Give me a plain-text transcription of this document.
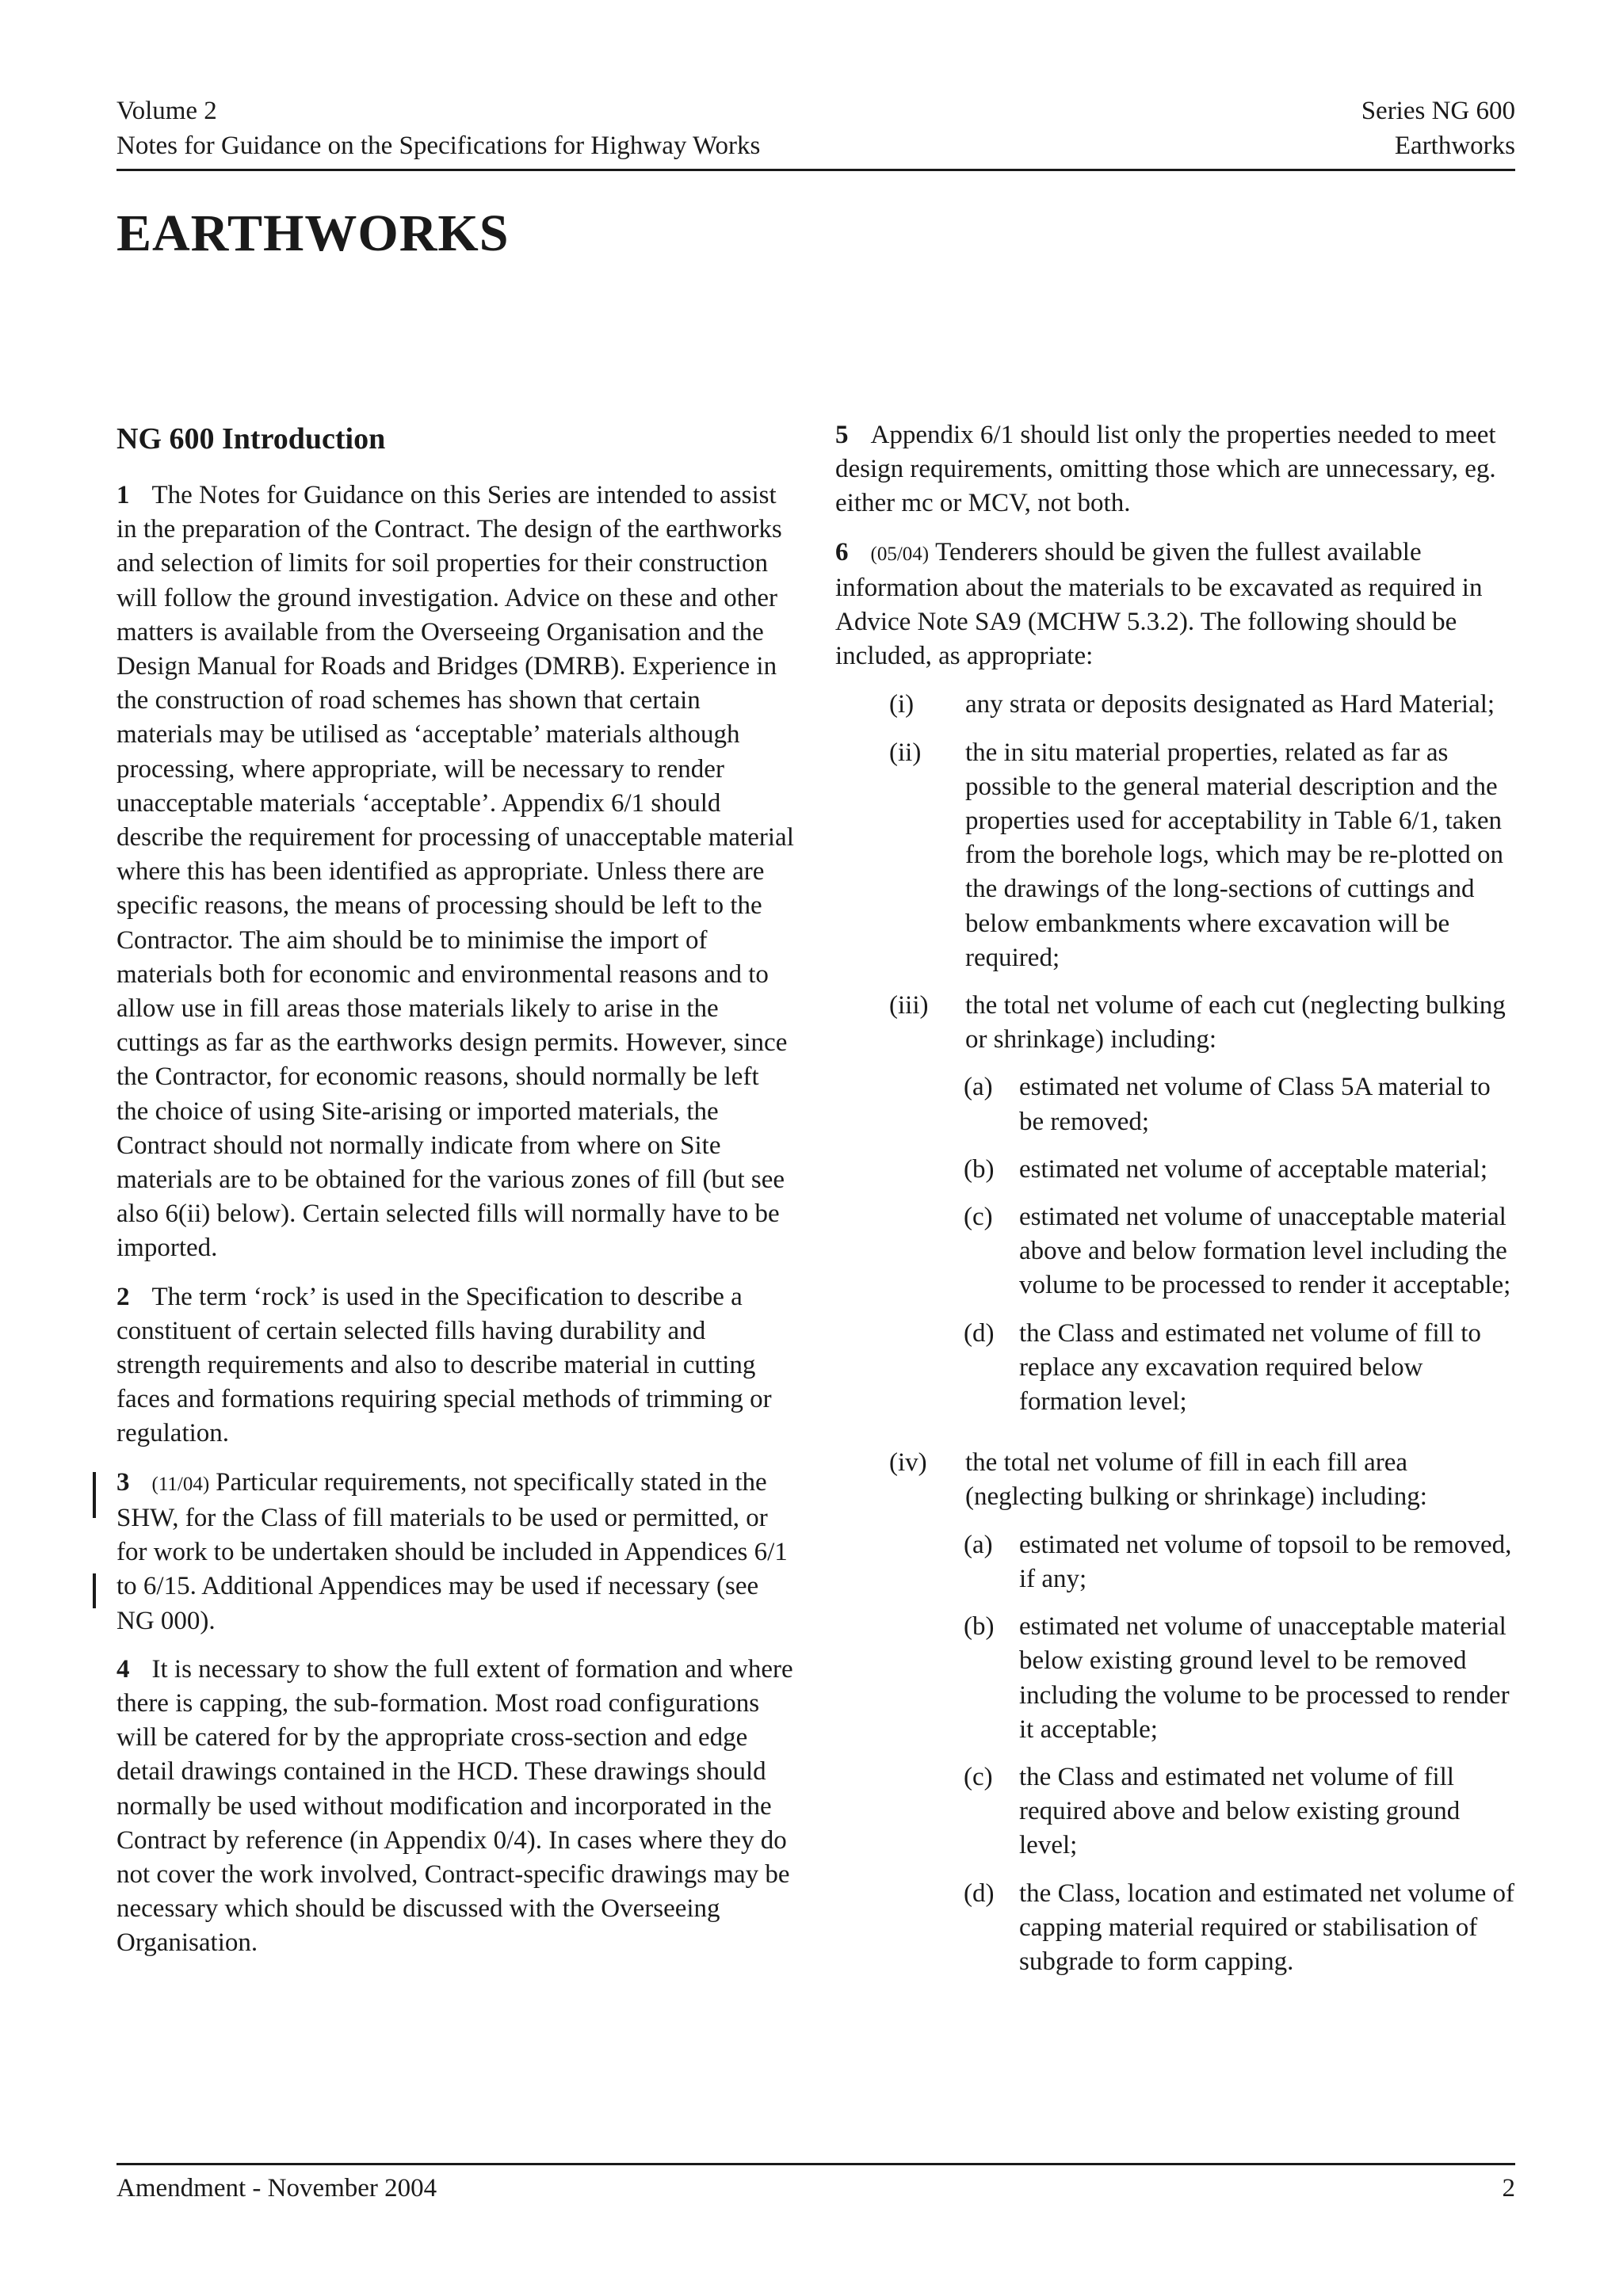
Volume 2	Series NG 600
Notes for Guidance on the Specifications for Highway Works	Earthworks
EARTHWORKS
NG 600 Introduction

1 The Notes for Guidance on this Series are intended to assist in the preparation of the Contract. The design of the earthworks and selection of limits for soil properties for their construction will follow the ground investigation. Advice on these and other matters is available from the Overseeing Organisation and the Design Manual for Roads and Bridges (DMRB). Experience in the construction of road schemes has shown that certain materials may be utilised as ‘acceptable’ materials although processing, where appropriate, will be necessary to render unacceptable materials ‘acceptable’. Appendix 6/1 should describe the requirement for processing of unacceptable material where this has been identified as appropriate. Unless there are specific reasons, the means of processing should be left to the Contractor. The aim should be to minimise the import of materials both for economic and environmental reasons and to allow use in fill areas those materials likely to arise in the cuttings as far as the earthworks design permits. However, since the Contractor, for economic reasons, should normally be left the choice of using Site-arising or imported materials, the Contract should not normally indicate from where on Site materials are to be obtained for the various zones of fill (but see also 6(ii) below). Certain selected fills will normally have to be imported.

2 The term ‘rock’ is used in the Specification to describe a constituent of certain selected fills having durability and strength requirements and also to describe material in cutting faces and formations requiring special methods of trimming or regulation.

3 (11/04) Particular requirements, not specifically stated in the SHW, for the Class of fill materials to be used or permitted, or for work to be undertaken should be included in Appendices 6/1 to 6/15. Additional Appendices may be used if necessary (see NG 000).

4 It is necessary to show the full extent of formation and where there is capping, the sub-formation. Most road configurations will be catered for by the appropriate cross-section and edge detail drawings contained in the HCD. These drawings should normally be used without modification and incorporated in the Contract by reference (in Appendix 0/4). In cases where they do not cover the work involved, Contract-specific drawings may be necessary which should be discussed with the Overseeing Organisation.

5 Appendix 6/1 should list only the properties needed to meet design requirements, omitting those which are unnecessary, eg. either mc or MCV, not both.

6 (05/04) Tenderers should be given the fullest available information about the materials to be excavated as required in Advice Note SA9 (MCHW 5.3.2). The following should be included, as appropriate:

(i)	any strata or deposits designated as Hard Material;
(ii)	the in situ material properties, related as far as possible to the general material description and the properties used for acceptability in Table 6/1, taken from the borehole logs, which may be re-plotted on the drawings of the long-sections of cuttings and below embankments where excavation will be required;
(iii)	the total net volume of each cut (neglecting bulking or shrinkage) including:
(a)	estimated net volume of Class 5A material to be removed;
(b) estimated net volume of acceptable material;
(c)	estimated net volume of unacceptable material above and below formation level including the volume to be processed to render it acceptable;
(d) the Class and estimated net volume of fill to replace any excavation required below formation level;
(iv)	the total net volume of fill in each fill area (neglecting bulking or shrinkage) including:
(a)	estimated net volume of topsoil to be removed, if any;
(b) estimated net volume of unacceptable material below existing ground level to be removed including the volume to be processed to render it acceptable;
(c)	the Class and estimated net volume of fill required above and below existing ground level;
(d) the Class, location and estimated net volume of capping material required or stabilisation of subgrade to form capping.
Amendment - November 2004	2
